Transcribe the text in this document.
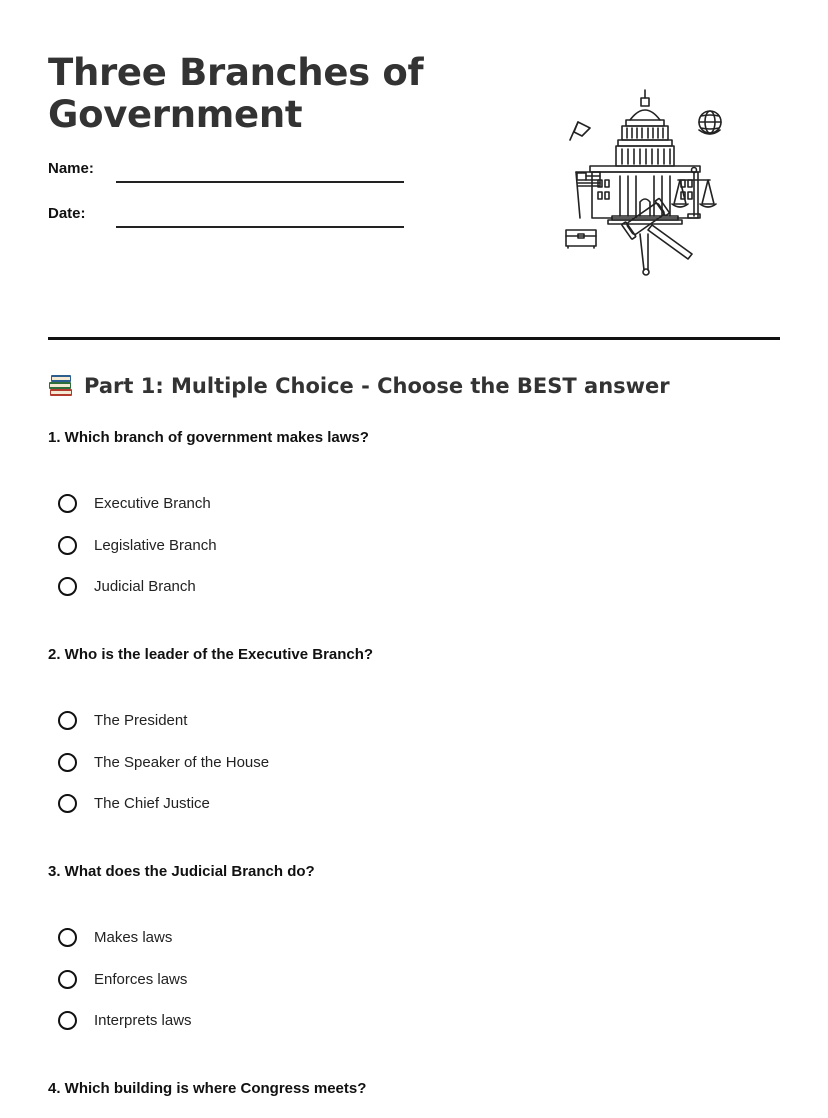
Three Branches of
Government
Name:
Date:
Part 1: Multiple Choice - Choose the BEST answer

1. Which branch of government makes laws?

Executive Branch
Legislative Branch
Judicial Branch

2. Who is the leader of the Executive Branch?

The President
The Speaker of the House
The Chief Justice

3. What does the Judicial Branch do?

Makes laws
Enforces laws
Interprets laws

4. Which building is where Congress meets?
